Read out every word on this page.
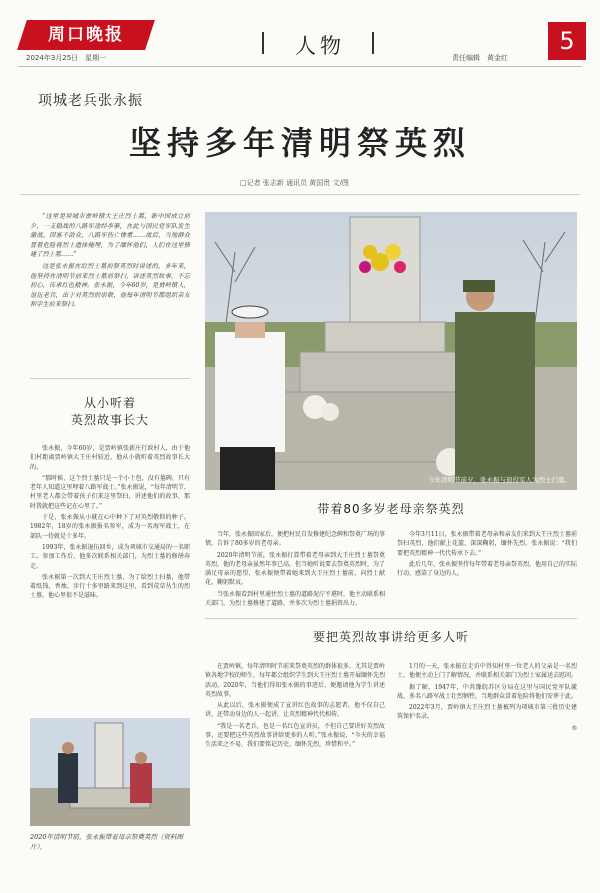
周口晚报
2024年3月25日　星期一	人物	责任编辑　黄金红
5
项城老兵张永振
坚持多年清明祭英烈
□记者 张志新 通讯员 黄国贵 文/图

“这里是项城市贾岭镇大王庄烈士墓，新中国成立前夕，一支稳战的八路军途经李寨，在此与国民党军队发生激战，因寡不敌众，八路军伤亡惨重……战后，当地群众冒着危险将烈士遗体掩埋，为了缅怀他们，人们在这里修建了烈士墓……”

这是张永振在给烈士墓前祭英烈时讲述的，多年来，他坚持在清明节前来烈士墓前祭扫，讲述英烈故事，不忘初心，传承红色精神。张永振，今年60岁，是贾岭镇人，退伍老兵，出于对英烈的崇敬，他每年清明节都组织亲友和学生前来祭扫。

从小听着
英烈故事长大

张永振，今年60岁，是贾岭镇张新庄行政村人，由于他们村距离贾岭镇大王庄村较近，他从小就听着英烈故事长大的。

“那时候，这个烈士墓只是一个小土包，没有墓碑，只有老年人知道这里埋着八路军战士。”张永振说，“每年清明节，村里老人都会带着孩子们来这里祭扫，讲述他们的故事，那时我就把这些记在心里了。”

于是，张永振从小就在心中种下了对英烈敬仰的种子。1982年，18岁的张永振报名参军，成为一名海军战士，在部队一待就是十多年。

1993年，张永振退伍回乡，成为项城市交通局的一名职工。参加工作后，他多次联系相关部门，为烈士墓的修缮奔走。

张永振第一次到大王庄烈士墓，为了给烈士扫墓，他带着纸钱、香烛，步行十多里路来到这里，看到荒草丛生的烈士墓，他心里很不是滋味。

今年清明节前夕，张永振与退役军人为烈士扫墓。
带着80多岁老母亲祭英烈

当年，张永振回家后，便把村民自发修建纪念碑和祭奠广场的事情，告诉了80多岁的老母亲。

2020年清明节前，张永振打算带着老母亲到大王庄烈士墓祭奠英烈，他的老母亲虽然年事已高，但当她听说要去祭奠英烈时，为了满足母亲的愿望，张永振便带着她来到大王庄烈士墓前，向烈士献花，鞠躬默哀。

当张永振看到村里通往烈士墓的道路泥泞不堪时，他主动联系相关部门，为烈士墓修建了道路，并多次为烈士墓捐资出力。

今年3月11日，张永振带着老母亲和亲友们来到大王庄烈士墓前祭扫英烈，他们献上花篮，深深鞠躬，缅怀先烈。张永振说：“我们要把英烈精神一代代传承下去。”

此后几年，张永振坚持每年带着老母亲祭英烈，他用自己的实际行动，感染了身边的人。

要把英烈故事讲给更多人听

在贾岭镇，每年清明时节前来祭奠英烈的群体很多，尤其是贾岭镇各地学校的师生，每年都会组织学生到大王庄烈士墓开展缅怀先烈活动。2020年，当他们得知张永振的事迹后，便邀请他为学生讲述英烈故事。

从此以后，张永振便成了宣讲红色故事的志愿者，他不仅自己讲，还带动身边的人一起讲，让英烈精神代代相传。

“我是一名老兵，也是一名红色宣讲员，不但自己要讲好英烈故事，还要把这些英烈故事讲给更多的人听。”张永振说，“今天的幸福生活来之不易，我们要铭记历史，缅怀先烈，珍惜和平。”

1月的一天，张永振在走访中得知村里一位老人的父亲是一名烈士，他便主动上门了解情况，并联系相关部门为烈士家属送去慰问。

据了解，1947年，中共豫皖苏区分局在这里与国民党军队激战，多名八路军战士壮烈牺牲，当地群众冒着危险将他们安葬于此。

2022年3月，贾岭镇大王庄烈士墓被列为项城市第三批历史建筑保护名录。

⑤
2020年清明节前，张永振带着母亲祭奠英烈（资料图片）。
